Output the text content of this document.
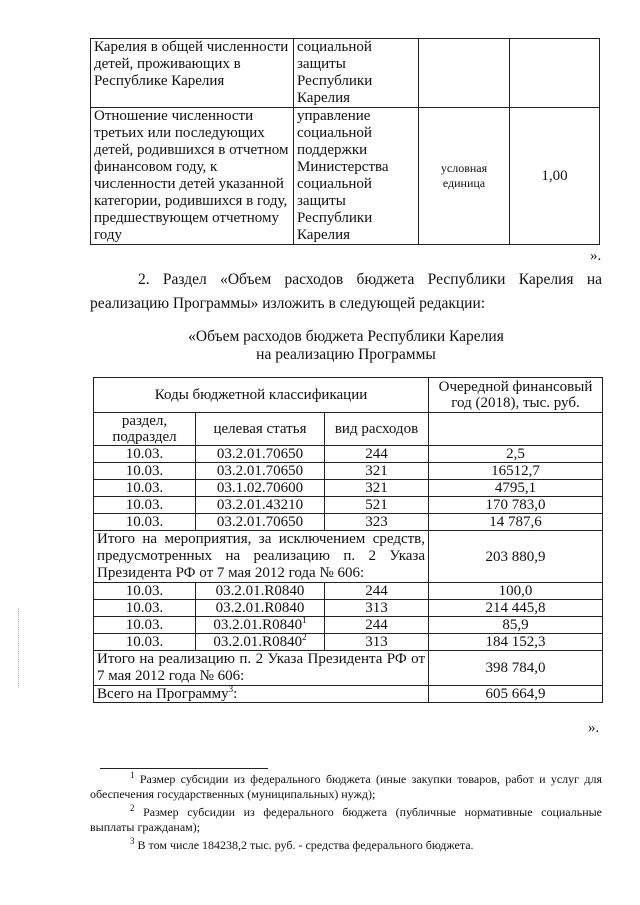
Карелия в общей численности детей, проживающих в Республике Карелия	социальной защиты Республики Карелия		
Отношение численности третьих или последующих детей, родившихся в отчетном финансовом году, к численности детей указанной категории, родившихся в году, предшествующем отчетному году	управление социальной поддержки Министерства социальной защиты Республики Карелия	условная единица	1,00
».
2. Раздел «Объем расходов бюджета Республики Карелия на реализацию Программы» изложить в следующей редакции:
«Объем расходов бюджета Республики Карелия
на реализацию Программы
Коды бюджетной классификации			Очередной финансовый год (2018), тыс. руб.
раздел, подраздел	целевая статья	вид расходов	
10.03.	03.2.01.70650	244	2,5
10.03.	03.2.01.70650	321	16512,7
10.03.	03.1.02.70600	321	4795,1
10.03.	03.2.01.43210	521	170 783,0
10.03.	03.2.01.70650	323	14 787,6
Итого на мероприятия, за исключением средств, предусмотренных на реализацию п. 2 Указа Президента РФ от 7 мая 2012 года № 606:			203 880,9
10.03.	03.2.01.R0840	244	100,0
10.03.	03.2.01.R0840	313	214 445,8
10.03.	03.2.01.R0840$^1$	244	85,9
10.03.	03.2.01.R0840$^2$	313	184 152,3
Итого на реализацию п. 2 Указа Президента РФ от 7 мая 2012 года № 606:			398 784,0
Всего на Программу$^3$:			605 664,9
».
$^1$ Размер субсидии из федерального бюджета (иные закупки товаров, работ и услуг для обеспечения государственных (муниципальных) нужд);
$^2$ Размер субсидии из федерального бюджета (публичные нормативные социальные выплаты гражданам);
$^3$ В том числе 184238,2 тыс. руб. - средства федерального бюджета.
